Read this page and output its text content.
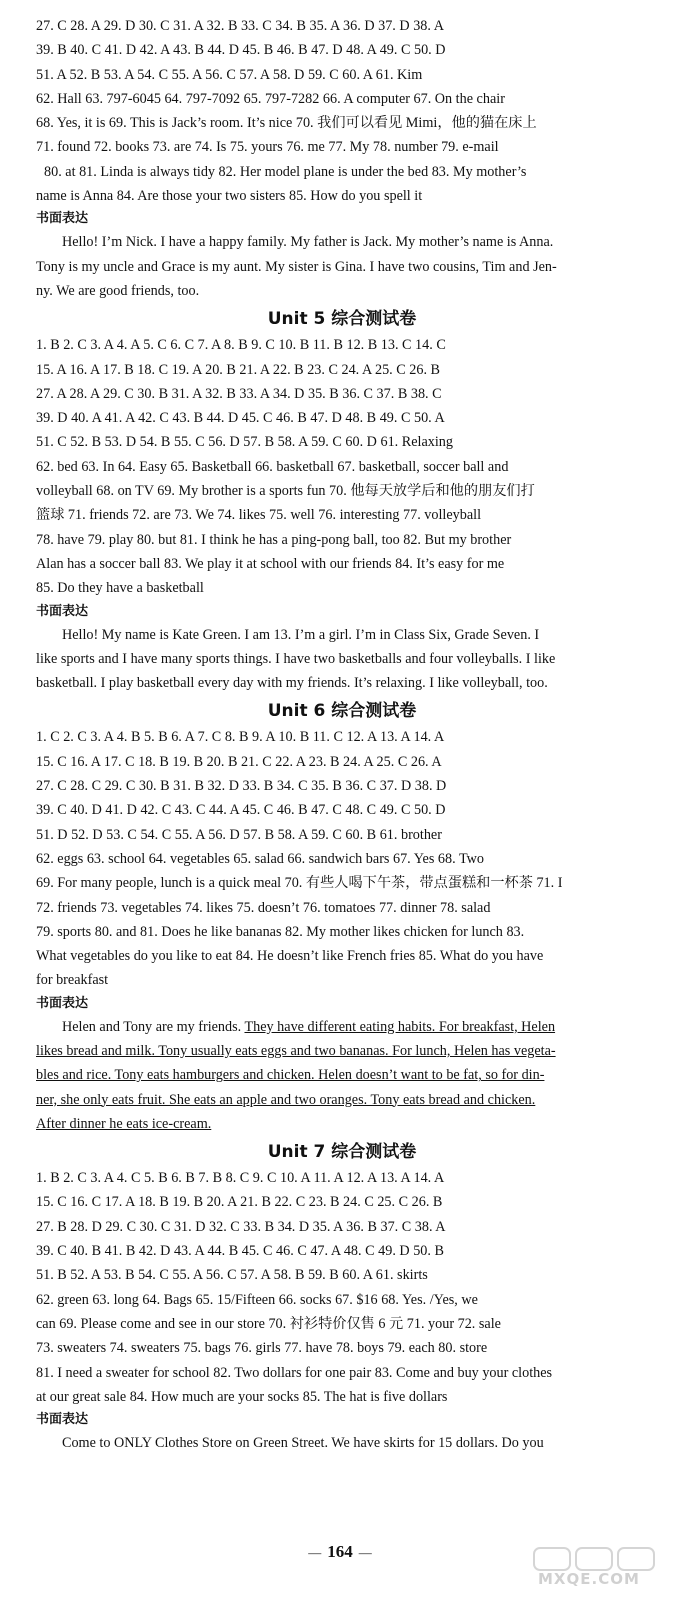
27. C 28. A 29. D 30. C 31. A 32. B 33. C 34. B 35. A 36. D 37. D 38. A
39. B 40. C 41. D 42. A 43. B 44. D 45. B 46. B 47. D 48. A 49. C 50. D
51. A 52. B 53. A 54. C 55. A 56. C 57. A 58. D 59. C 60. A 61. Kim
62. Hall 63. 797-6045 64. 797-7092 65. 797-7282 66. A computer 67. On the chair
68. Yes, it is 69. This is Jack’s room. It’s nice 70. 我们可以看见 Mimi，他的猫在床上
71. found 72. books 73. are 74. Is 75. yours 76. me 77. My 78. number 79. e-mail
80. at 81. Linda is always tidy 82. Her model plane is under the bed 83. My mother’s
name is Anna 84. Are those your two sisters 85. How do you spell it
书面表达
Hello! I’m Nick. I have a happy family. My father is Jack. My mother’s name is Anna.
Tony is my uncle and Grace is my aunt. My sister is Gina. I have two cousins, Tim and Jen-
ny. We are good friends, too.
Unit 5 综合测试卷
1. B 2. C 3. A 4. A 5. C 6. C 7. A 8. B 9. C 10. B 11. B 12. B 13. C 14. C
15. A 16. A 17. B 18. C 19. A 20. B 21. A 22. B 23. C 24. A 25. C 26. B
27. A 28. A 29. C 30. B 31. A 32. B 33. A 34. D 35. B 36. C 37. B 38. C
39. D 40. A 41. A 42. C 43. B 44. D 45. C 46. B 47. D 48. B 49. C 50. A
51. C 52. B 53. D 54. B 55. C 56. D 57. B 58. A 59. C 60. D 61. Relaxing
62. bed 63. In 64. Easy 65. Basketball 66. basketball 67. basketball, soccer ball and
volleyball 68. on TV 69. My brother is a sports fun 70. 他每天放学后和他的朋友们打
篮球 71. friends 72. are 73. We 74. likes 75. well 76. interesting 77. volleyball
78. have 79. play 80. but 81. I think he has a ping-pong ball, too 82. But my brother
Alan has a soccer ball 83. We play it at school with our friends 84. It’s easy for me
85. Do they have a basketball
书面表达
Hello! My name is Kate Green. I am 13. I’m a girl. I’m in Class Six, Grade Seven. I
like sports and I have many sports things. I have two basketballs and four volleyballs. I like
basketball. I play basketball every day with my friends. It’s relaxing. I like volleyball, too.
Unit 6 综合测试卷
1. C 2. C 3. A 4. B 5. B 6. A 7. C 8. B 9. A 10. B 11. C 12. A 13. A 14. A
15. C 16. A 17. C 18. B 19. B 20. B 21. C 22. A 23. B 24. A 25. C 26. A
27. C 28. C 29. C 30. B 31. B 32. D 33. B 34. C 35. B 36. C 37. D 38. D
39. C 40. D 41. D 42. C 43. C 44. A 45. C 46. B 47. C 48. C 49. C 50. D
51. D 52. D 53. C 54. C 55. A 56. D 57. B 58. A 59. C 60. B 61. brother
62. eggs 63. school 64. vegetables 65. salad 66. sandwich bars 67. Yes 68. Two
69. For many people, lunch is a quick meal 70. 有些人喝下午茶，带点蛋糕和一杯茶 71. I
72. friends 73. vegetables 74. likes 75. doesn’t 76. tomatoes 77. dinner 78. salad
79. sports 80. and 81. Does he like bananas 82. My mother likes chicken for lunch 83.
What vegetables do you like to eat 84. He doesn’t like French fries 85. What do you have
for breakfast
书面表达
Helen and Tony are my friends. They have different eating habits. For breakfast, Helen
likes bread and milk. Tony usually eats eggs and two bananas. For lunch, Helen has vegeta-
bles and rice. Tony eats hamburgers and chicken. Helen doesn’t want to be fat, so for din-
ner, she only eats fruit. She eats an apple and two oranges. Tony eats bread and chicken.
After dinner he eats ice-cream.
Unit 7 综合测试卷
1. B 2. C 3. A 4. C 5. B 6. B 7. B 8. C 9. C 10. A 11. A 12. A 13. A 14. A
15. C 16. C 17. A 18. B 19. B 20. A 21. B 22. C 23. B 24. C 25. C 26. B
27. B 28. D 29. C 30. C 31. D 32. C 33. B 34. D 35. A 36. B 37. C 38. A
39. C 40. B 41. B 42. D 43. A 44. B 45. C 46. C 47. A 48. C 49. D 50. B
51. B 52. A 53. B 54. C 55. A 56. C 57. A 58. B 59. B 60. A 61. skirts
62. green 63. long 64. Bags 65. 15/Fifteen 66. socks 67. $16 68. Yes. /Yes, we
can 69. Please come and see in our store 70. 衬衫特价仅售 6 元 71. your 72. sale
73. sweaters 74. sweaters 75. bags 76. girls 77. have 78. boys 79. each 80. store
81. I need a sweater for school 82. Two dollars for one pair 83. Come and buy your clothes
at our great sale 84. How much are your socks 85. The hat is five dollars
书面表达
Come to ONLY Clothes Store on Green Street. We have skirts for 15 dollars. Do you
— 164 —
MXQE.COM
